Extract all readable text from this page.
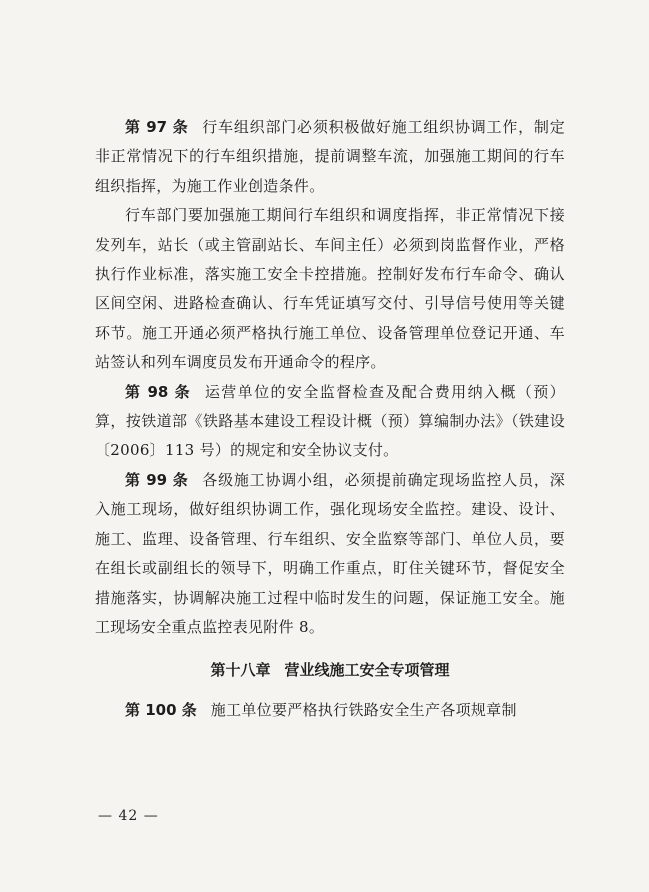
第 97 条 行车组织部门必须积极做好施工组织协调工作，制定非正常情况下的行车组织措施，提前调整车流，加强施工期间的行车组织指挥，为施工作业创造条件。

行车部门要加强施工期间行车组织和调度指挥，非正常情况下接发列车，站长（或主管副站长、车间主任）必须到岗监督作业，严格执行作业标准，落实施工安全卡控措施。控制好发布行车命令、确认区间空闲、进路检查确认、行车凭证填写交付、引导信号使用等关键环节。施工开通必须严格执行施工单位、设备管理单位登记开通、车站签认和列车调度员发布开通命令的程序。

第 98 条 运营单位的安全监督检查及配合费用纳入概（预）算，按铁道部《铁路基本建设工程设计概（预）算编制办法》（铁建设〔2006〕113 号）的规定和安全协议支付。

第 99 条 各级施工协调小组，必须提前确定现场监控人员，深入施工现场，做好组织协调工作，强化现场安全监控。建设、设计、施工、监理、设备管理、行车组织、安全监察等部门、单位人员，要在组长或副组长的领导下，明确工作重点，盯住关键环节，督促安全措施落实，协调解决施工过程中临时发生的问题，保证施工安全。施工现场安全重点监控表见附件 8。

第十八章 营业线施工安全专项管理

第 100 条 施工单位要严格执行铁路安全生产各项规章制

— 42 —
